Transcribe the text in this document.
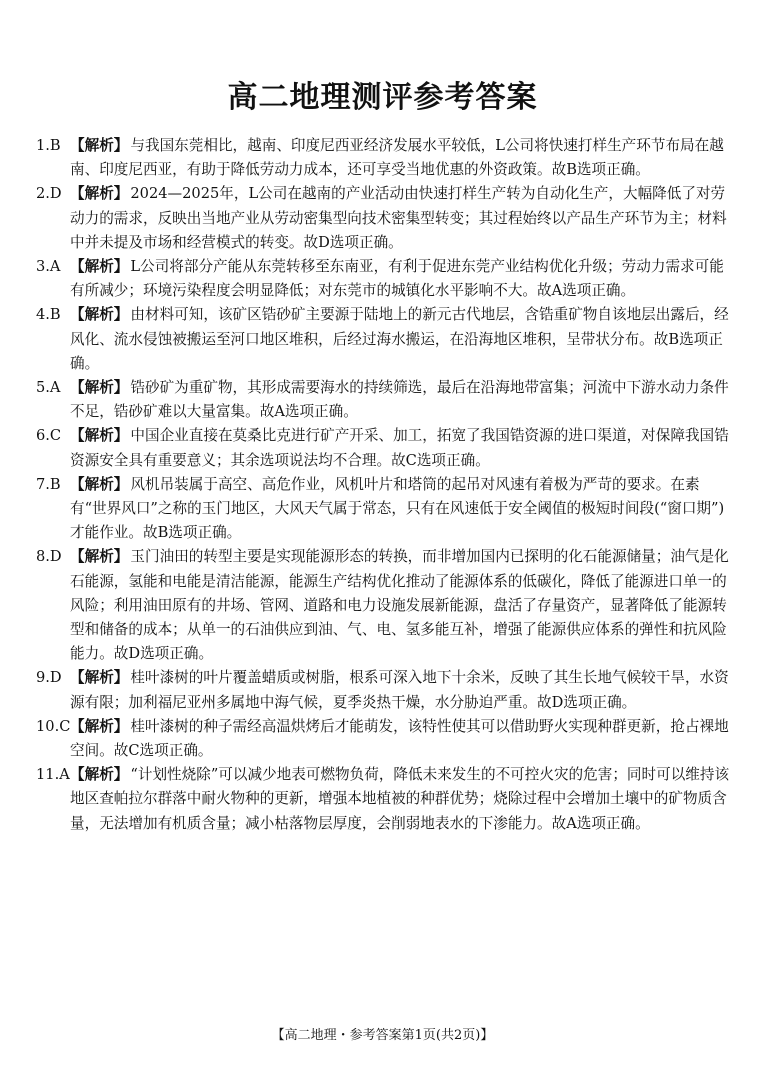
高二地理测评参考答案
1.B 【解析】 与我国东莞相比，越南、印度尼西亚经济发展水平较低，L公司将快速打样生产环节布局在越南、印度尼西亚，有助于降低劳动力成本，还可享受当地优惠的外资政策。故B选项正确。
2.D 【解析】 2024—2025年，L公司在越南的产业活动由快速打样生产转为自动化生产，大幅降低了对劳动力的需求，反映出当地产业从劳动密集型向技术密集型转变；其过程始终以产品生产环节为主；材料中并未提及市场和经营模式的转变。故D选项正确。
3.A 【解析】 L公司将部分产能从东莞转移至东南亚，有利于促进东莞产业结构优化升级；劳动力需求可能有所减少；环境污染程度会明显降低；对东莞市的城镇化水平影响不大。故A选项正确。
4.B 【解析】 由材料可知，该矿区锆砂矿主要源于陆地上的新元古代地层，含锆重矿物自该地层出露后，经风化、流水侵蚀被搬运至河口地区堆积，后经过海水搬运，在沿海地区堆积，呈带状分布。故B选项正确。
5.A 【解析】 锆砂矿为重矿物，其形成需要海水的持续筛选，最后在沿海地带富集；河流中下游水动力条件不足，锆砂矿难以大量富集。故A选项正确。
6.C 【解析】 中国企业直接在莫桑比克进行矿产开采、加工，拓宽了我国锆资源的进口渠道，对保障我国锆资源安全具有重要意义；其余选项说法均不合理。故C选项正确。
7.B 【解析】 风机吊装属于高空、高危作业，风机叶片和塔筒的起吊对风速有着极为严苛的要求。在素有“世界风口”之称的玉门地区，大风天气属于常态，只有在风速低于安全阈值的极短时间段(“窗口期”)才能作业。故B选项正确。
8.D 【解析】 玉门油田的转型主要是实现能源形态的转换，而非增加国内已探明的化石能源储量；油气是化石能源，氢能和电能是清洁能源，能源生产结构优化推动了能源体系的低碳化，降低了能源进口单一的风险；利用油田原有的井场、管网、道路和电力设施发展新能源，盘活了存量资产，显著降低了能源转型和储备的成本；从单一的石油供应到油、气、电、氢多能互补，增强了能源供应体系的弹性和抗风险能力。故D选项正确。
9.D 【解析】 桂叶漆树的叶片覆盖蜡质或树脂，根系可深入地下十余米，反映了其生长地气候较干旱，水资源有限；加利福尼亚州多属地中海气候，夏季炎热干燥，水分胁迫严重。故D选项正确。
10.C 【解析】 桂叶漆树的种子需经高温烘烤后才能萌发，该特性使其可以借助野火实现种群更新，抢占裸地空间。故C选项正确。
11.A 【解析】 “计划性烧除”可以减少地表可燃物负荷，降低未来发生的不可控火灾的危害；同时可以维持该地区查帕拉尔群落中耐火物种的更新，增强本地植被的种群优势；烧除过程中会增加土壤中的矿物质含量，无法增加有机质含量；减小枯落物层厚度，会削弱地表水的下渗能力。故A选项正确。
【高二地理・参考答案第1页(共2页)】
